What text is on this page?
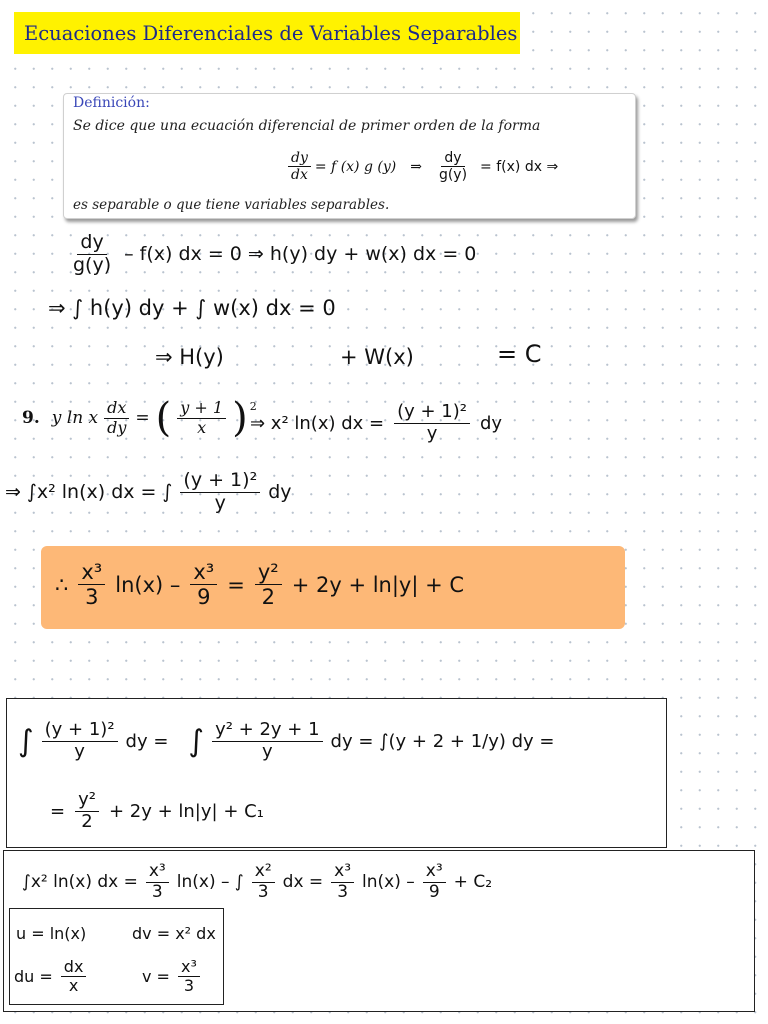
Ecuaciones Diferenciales de Variables Separables
Definición:
Se dice que una ecuación diferencial de primer orden de la forma
$\frac{dy}{dx} = f$ (x) g (y) ⇒ $\frac{dy}{g(y)} = f(x)$ dx ⇒
es separable o que tiene variables separables.
$\frac{dy}{g(y)} - f(x)$ dx = 0 ⇒ h(y) dy + w(x) dx = 0
⇒ ∫ h(y) dy + ∫ w(x) dx = 0
⇒ H(y)	+ W(x)	= C
9. y ln x $\frac{dx}{dy}$ = ( $\frac{y + 1}{x}$ ) 2
⇒ x² ln(x) dx = $\frac{\text{(y + 1)²}}{y}$ dy
⇒ ∫x² ln(x) dx = ∫ $\frac{\text{(y + 1)²}}{y}$ dy
∴ $\frac{\text{x³}}{3} \ln(x) - \frac{\text{x³}}{9} = \frac{\text{y²}}{2} + 2y + \ln|y| + C$
∫ $\frac{\text{(y + 1)²}}{y}$ dy = ∫ $\frac{\text{y² + 2y + 1}}{y}$ dy = ∫(y + 2 + 1/y) dy =
= $\frac{\text{y²}}{2} + 2y + \ln|y| + C_1$
∫x² ln(x) dx = $\frac{\text{x³}}{3} \ln(x)$ – ∫ $\frac{\text{x²}}{3}$ dx = $\frac{\text{x³}}{3} \ln(x) - \frac{\text{x³}}{9} + C_2$
u = ln(x)	dv = x² dx
du = $\frac{dx}{x}$	$v = \frac{\text{x³}}{3}$
